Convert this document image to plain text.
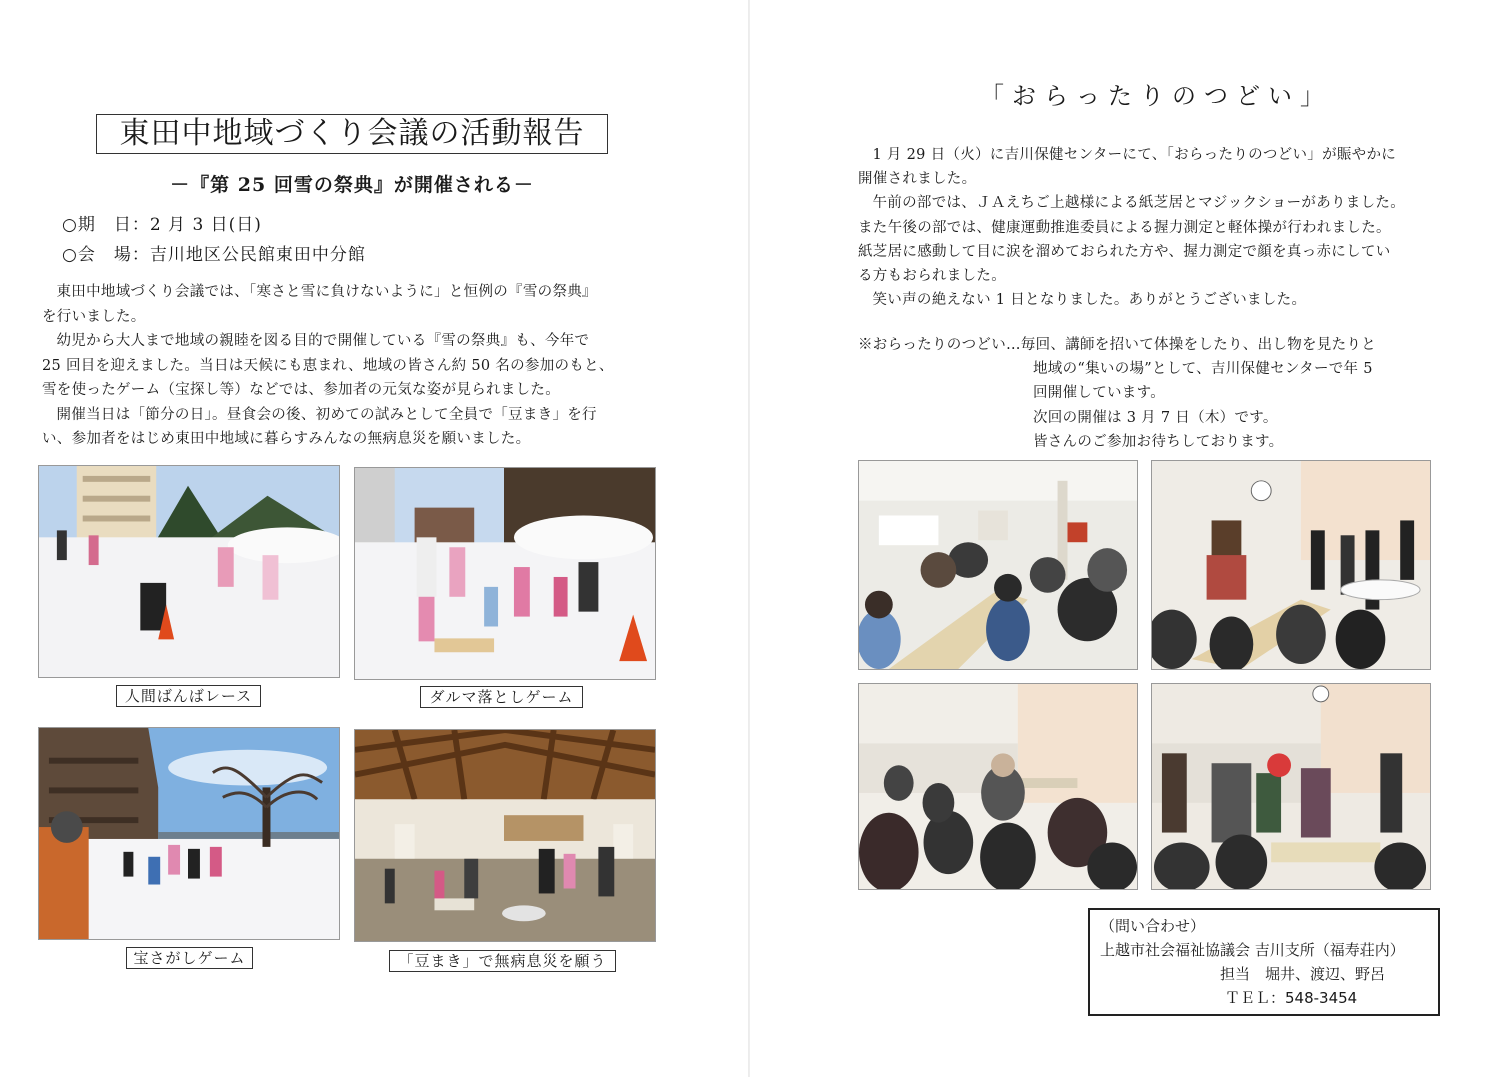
東田中地域づくり会議の活動報告
－『第 25 回雪の祭典』が開催される－
○期　日：2 月 3 日(日)
○会　場：吉川地区公民館東田中分館

東田中地域づくり会議では、「寒さと雪に負けないように」と恒例の『雪の祭典』

を行いました。

幼児から大人まで地域の親睦を図る目的で開催している『雪の祭典』も、今年で

25 回目を迎えました。当日は天候にも恵まれ、地域の皆さん約 50 名の参加のもと、

雪を使ったゲーム（宝探し等）などでは、参加者の元気な姿が見られました。

開催当日は「節分の日」。昼食会の後、初めての試みとして全員で「豆まき」を行

い、参加者をはじめ東田中地域に暮らすみんなの無病息災を願いました。

人間ばんばレース	ダルマ落としゲーム
宝さがしゲーム	「豆まき」で無病息災を願う
「おらったりのつどい」

1 月 29 日（火）に吉川保健センターにて、「おらったりのつどい」が賑やかに

開催されました。

午前の部では、ＪＡえちご上越様による紙芝居とマジックショーがありました。

また午後の部では、健康運動推進委員による握力測定と軽体操が行われました。

紙芝居に感動して目に涙を溜めておられた方や、握力測定で顔を真っ赤にしてい

る方もおられました。

笑い声の絶えない 1 日となりました。ありがとうございました。

※おらったりのつどい…毎回、講師を招いて体操をしたり、出し物を見たりと
地域の“集いの場”として、吉川保健センターで年 5
回開催しています。
次回の開催は 3 月 7 日（木）です。
皆さんのご参加お待ちしております。
（問い合わせ）
上越市社会福祉協議会 吉川支所（福寿荘内）
担当　堀井、渡辺、野呂
ＴＥＬ：548-3454
